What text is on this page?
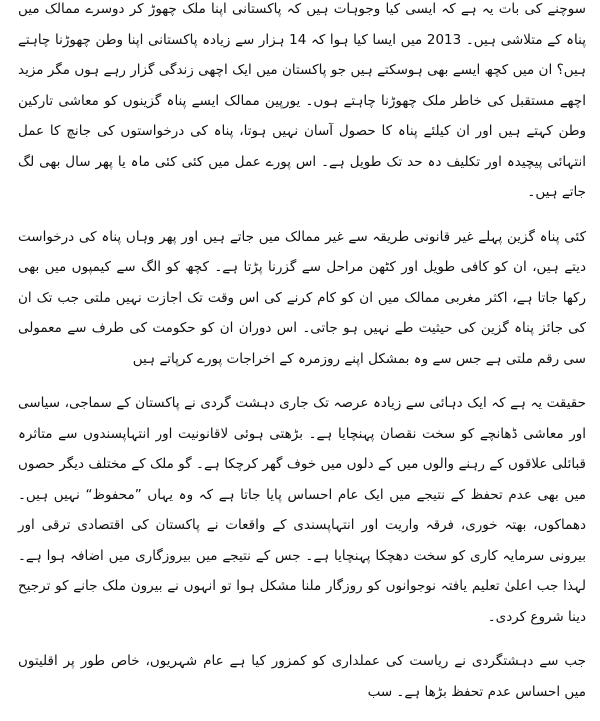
سوچنے کی بات یہ ہے کہ ایسی کیا وجوہات ہیں کہ پاکستانی اپنا ملک چھوڑ کر دوسرے ممالک میں پناہ کے متلاشی ہیں۔ 2013 میں ایسا کیا ہوا کہ 14 ہزار سے زیادہ پاکستانی اپنا وطن چھوڑنا چاہتے ہیں؟ ان میں کچھ ایسے بھی ہوسکتے ہیں جو پاکستان میں ایک اچھی زندگی گزار رہے ہوں مگر مزید اچھے مستقبل کی خاطر ملک چھوڑنا چاہتے ہوں۔ یورپین ممالک ایسے پناہ گزینوں کو معاشی تارکین وطن کہتے ہیں اور ان کیلئے پناہ کا حصول آسان نہیں ہوتا، پناہ کی درخواستوں کی جانچ کا عمل انتہائی پیچیدہ اور تکلیف دہ حد تک طویل ہے۔ اس پورے عمل میں کئی کئی ماہ یا پھر سال بھی لگ جاتے ہیں۔

کئی پناہ گزین پہلے غیر قانونی طریقہ سے غیر ممالک میں جاتے ہیں اور پھر وہاں پناہ کی درخواست دیتے ہیں، ان کو کافی طویل اور کٹھن مراحل سے گزرنا پڑتا ہے۔ کچھ کو الگ سے کیمپوں میں بھی رکھا جاتا ہے، اکثر مغربی ممالک میں ان کو کام کرنے کی اس وقت تک اجازت نہیں ملتی جب تک ان کی جائز پناہ گزین کی حیثیت طے نہیں ہو جاتی۔ اس دوران ان کو حکومت کی طرف سے معمولی سی رقم ملتی ہے جس سے وہ بمشکل اپنے روزمرہ کے اخراجات پورے کرپاتے ہیں

حقیقت یہ ہے کہ ایک دہائی سے زیادہ عرصہ تک جاری دہشت گردی نے پاکستان کے سماجی، سیاسی اور معاشی ڈھانچے کو سخت نقصان پہنچایا ہے۔ بڑھتی ہوئی لاقانونیت اور انتہاپسندوں سے متاثرہ قبائلی علاقوں کے رہنے والوں میں کے دلوں میں خوف گھر کرچکا ہے۔ گو ملک کے مختلف دیگر حصوں میں بھی عدم تحفظ کے نتیجے میں ایک عام احساس پایا جاتا ہے کہ وہ یہاں ”محفوظ“ نہیں ہیں۔ دھماکوں، بھتہ خوری، فرقہ واریت اور انتہاپسندی کے واقعات نے پاکستان کی اقتصادی ترقی اور بیرونی سرمایہ کاری کو سخت دھچکا پہنچایا ہے۔ جس کے نتیجے میں بیروزگاری میں اضافہ ہوا ہے۔ لہذا جب اعلیٰ تعلیم یافتہ نوجوانوں کو روزگار ملنا مشکل ہوا تو انہوں نے بیرون ملک جانے کو ترجیح دینا شروع کردی۔

جب سے دہشتگردی نے ریاست کی عملداری کو کمزور کیا ہے عام شہریوں، خاص طور پر اقلیتوں میں احساس عدم تحفظ بڑھا ہے۔ سب
